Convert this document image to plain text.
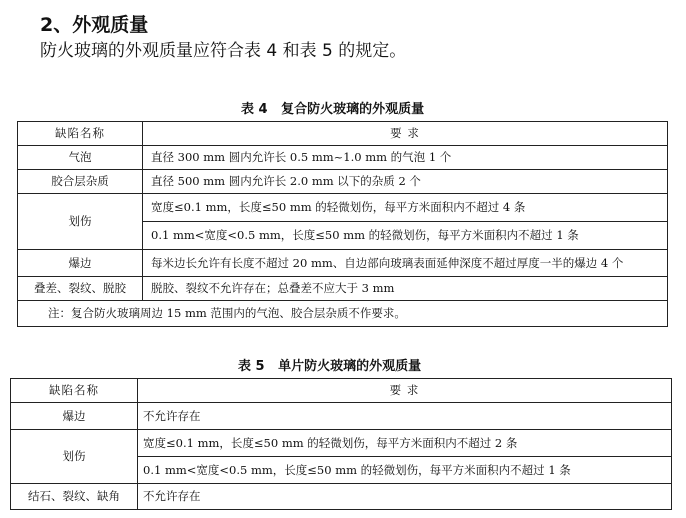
2、外观质量
防火玻璃的外观质量应符合表 4 和表 5 的规定。
表 4   复合防火玻璃的外观质量
缺陷名称	要 求
气泡	直径 300 mm 圆内允许长 0.5 mm~1.0 mm 的气泡 1 个
胶合层杂质	直径 500 mm 圆内允许长 2.0 mm 以下的杂质 2 个
划伤	宽度≤0.1 mm，长度≤50 mm 的轻微划伤，每平方米面积内不超过 4 条
	0.1 mm<宽度<0.5 mm，长度≤50 mm 的轻微划伤，每平方米面积内不超过 1 条
爆边	每米边长允许有长度不超过 20 mm、自边部向玻璃表面延伸深度不超过厚度一半的爆边 4 个
叠差、裂纹、脱胶	脱胶、裂纹不允许存在；总叠差不应大于 3 mm
注：复合防火玻璃周边 15 mm 范围内的气泡、胶合层杂质不作要求。	
表 5   单片防火玻璃的外观质量
缺陷名称	要 求
爆边	不允许存在
划伤	宽度≤0.1 mm，长度≤50 mm 的轻微划伤，每平方米面积内不超过 2 条
	0.1 mm<宽度<0.5 mm，长度≤50 mm 的轻微划伤，每平方米面积内不超过 1 条
结石、裂纹、缺角	不允许存在
